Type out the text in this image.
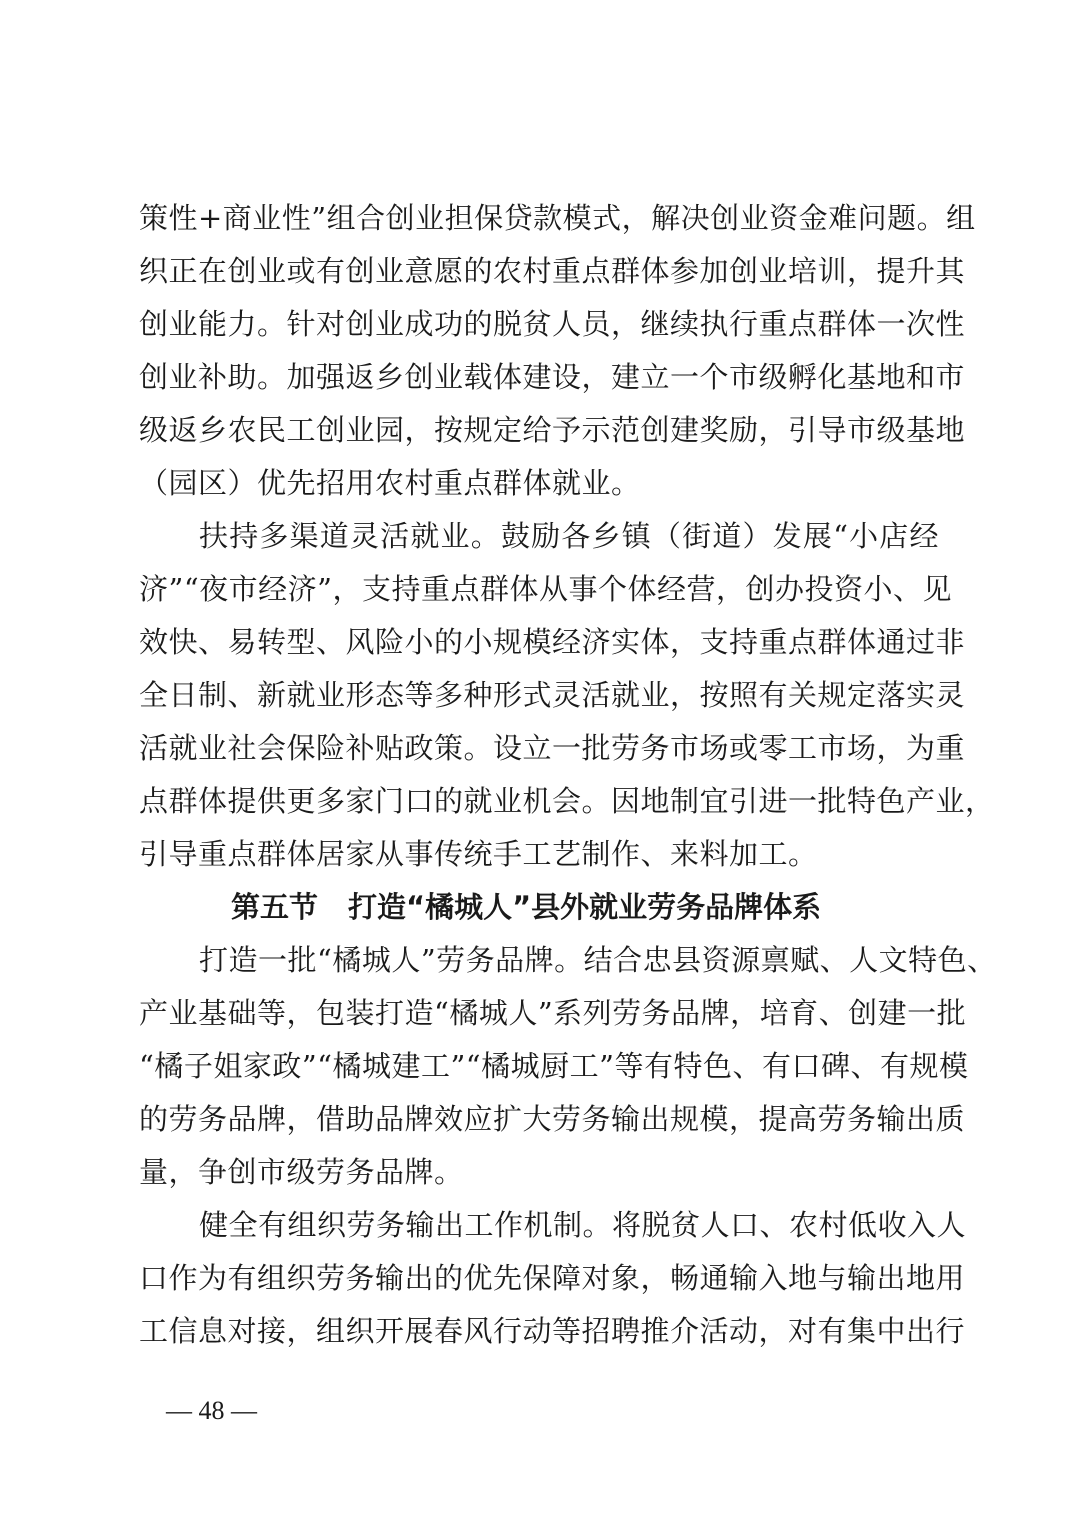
策性+商业性”组合创业担保贷款模式，解决创业资金难问题。组
织正在创业或有创业意愿的农村重点群体参加创业培训，提升其
创业能力。针对创业成功的脱贫人员，继续执行重点群体一次性
创业补助。加强返乡创业载体建设，建立一个市级孵化基地和市
级返乡农民工创业园，按规定给予示范创建奖励，引导市级基地
（园区）优先招用农村重点群体就业。
扶持多渠道灵活就业。鼓励各乡镇（街道）发展“小店经
济”“夜市经济”，支持重点群体从事个体经营，创办投资小、见
效快、易转型、风险小的小规模经济实体，支持重点群体通过非
全日制、新就业形态等多种形式灵活就业，按照有关规定落实灵
活就业社会保险补贴政策。设立一批劳务市场或零工市场，为重
点群体提供更多家门口的就业机会。因地制宜引进一批特色产业，
引导重点群体居家从事传统手工艺制作、来料加工。
第五节 打造“橘城人”县外就业劳务品牌体系
打造一批“橘城人”劳务品牌。结合忠县资源禀赋、人文特色、
产业基础等，包装打造“橘城人”系列劳务品牌，培育、创建一批
“橘子姐家政”“橘城建工”“橘城厨工”等有特色、有口碑、有规模
的劳务品牌，借助品牌效应扩大劳务输出规模，提高劳务输出质
量，争创市级劳务品牌。
健全有组织劳务输出工作机制。将脱贫人口、农村低收入人
口作为有组织劳务输出的优先保障对象，畅通输入地与输出地用
工信息对接，组织开展春风行动等招聘推介活动，对有集中出行
— 48 —
